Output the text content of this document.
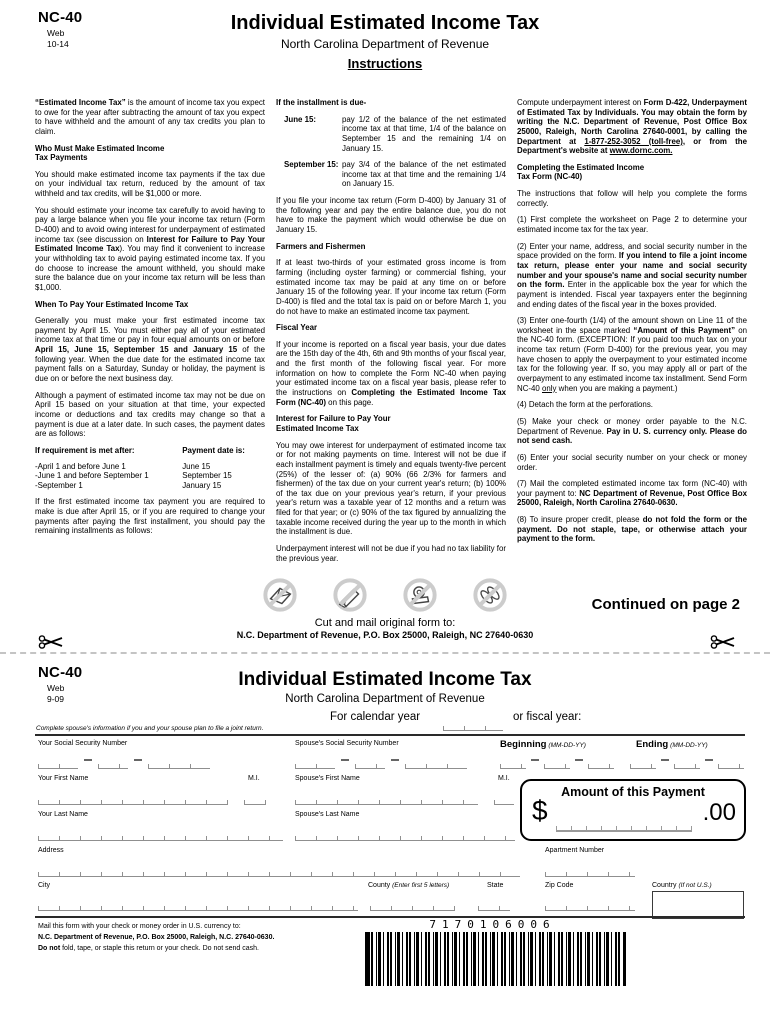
NC-40
Web
10-14
Individual Estimated Income Tax
North Carolina Department of Revenue
Instructions
“Estimated Income Tax” is the amount of income tax you expect to owe for the year after subtracting the amount of tax you expect to have withheld and the amount of any tax credits you plan to claim.
Who Must Make Estimated Income
Tax Payments
You should make estimated income tax payments if the tax due on your individual tax return, reduced by the amount of tax withheld and tax credits, will be $1,000 or more.
You should estimate your income tax carefully to avoid having to pay a large balance when you file your income tax return (Form D-400) and to avoid owing interest for underpayment of estimated income tax (see discussion on Interest for Failure to Pay Your Estimated Income Tax). You may find it convenient to increase your withholding tax to avoid paying estimated income tax. If you do choose to increase the amount withheld, you should make sure the balance due on your income tax return will be less than $1,000.
When To Pay Your Estimated Income Tax
Generally you must make your first estimated income tax payment by April 15. You must either pay all of your estimated income tax at that time or pay in four equal amounts on or before April 15, June 15, September 15 and January 15 of the following year. When the due date for the estimated income tax payment falls on a Saturday, Sunday or holiday, the payment is due on or before the next business day.
Although a payment of estimated income tax may not be due on April 15 based on your situation at that time, your expected income or deductions and tax credits may change so that a payment is due at a later date. In such cases, the payment dates are as follows:
If requirement is met after:	Payment date is:
-April 1 and before June 1	June 15
-June 1 and before September 1	September 15
-September 1	January 15
If the first estimated income tax payment you are required to make is due after April 15, or if you are required to change your payments after paying the first installment, you should pay the remaining installments as follows:
If the installment is due-
June 15:	pay 1/2 of the balance of the net estimated income tax at that time, 1/4 of the balance on September 15 and the remaining 1/4 on January 15.
September 15: pay 3/4 of the balance of the net estimated income tax at that time and the remaining 1/4 on January 15.
If you file your income tax return (Form D-400) by January 31 of the following year and pay the entire balance due, you do not have to make the payment which would otherwise be due on January 15.
Farmers and Fishermen
If at least two-thirds of your estimated gross income is from farming (including oyster farming) or commercial fishing, your estimated income tax may be paid at any time on or before January 15 of the following year. If your income tax return (Form D-400) is filed and the total tax is paid on or before March 1, you do not have to make an estimated income tax payment.
Fiscal Year
If your income is reported on a fiscal year basis, your due dates are the 15th day of the 4th, 6th and 9th months of your fiscal year, and the first month of the following fiscal year. For more information on how to complete the Form NC-40 when paying your estimated income tax on a fiscal year basis, please refer to the instructions on Completing the Estimated Income Tax Form (NC-40) on this page.
Interest for Failure to Pay Your
Estimated Income Tax
You may owe interest for underpayment of estimated income tax or for not making payments on time. Interest will not be due if each installment payment is timely and equals twenty-five percent (25%) of the lesser of: (a) 90% (66 2/3% for farmers and fishermen) of the tax due on your current year's return; (b) 100% of the tax due on your previous year's return, if your previous year's return was a taxable year of 12 months and a return was filed for that year; or (c) 90% of the tax figured by annualizing the taxable income received during the year up to the month in which the installment is due.
Underpayment interest will not be due if you had no tax liability for the previous year.
Compute underpayment interest on Form D-422, Underpayment of Estimated Tax by Individuals. You may obtain the form by writing the N.C. Department of Revenue, Post Office Box 25000, Raleigh, North Carolina 27640-0001, by calling the Department at 1-877-252-3052 (toll-free), or from the Department's website at www.dornc.com.
Completing the Estimated Income
Tax Form (NC-40)
The instructions that follow will help you complete the forms correctly.
(1) First complete the worksheet on Page 2 to determine your estimated income tax for the tax year.
(2) Enter your name, address, and social security number in the space provided on the form. If you intend to file a joint income tax return, please enter your name and social security number and your spouse's name and social security number on the form. Enter in the applicable box the year for which the payment is intended. Fiscal year taxpayers enter the beginning and ending dates of the fiscal year in the boxes provided.
(3) Enter one-fourth (1/4) of the amount shown on Line 11 of the worksheet in the space marked “Amount of this Payment” on the NC-40 form. (EXCEPTION: If you paid too much tax on your income tax return (Form D-400) for the previous year, you may have chosen to apply the overpayment to your estimated income tax for the following year. If so, you may apply all or part of the overpayment to any estimated income tax installment. Send Form NC-40 only when you are making a payment.)
(4) Detach the form at the perforations.
(5) Make your check or money order payable to the N.C. Department of Revenue. Pay in U. S. currency only. Please do not send cash.
(6) Enter your social security number on your check or money order.
(7) Mail the completed estimated income tax form (NC-40) with your payment to: NC Department of Revenue, Post Office Box 25000, Raleigh, North Carolina 27640-0630.
(8) To insure proper credit, please do not fold the form or the payment. Do not staple, tape, or otherwise attach your payment to the form.
Continued on page 2
Cut and mail original form to:
N.C. Department of Revenue, P.O. Box 25000, Raleigh, NC 27640-0630
NC-40
Web
9-09
Individual Estimated Income Tax
North Carolina Department of Revenue
For calendar year	or fiscal year:
Complete spouse's information if you and your spouse plan to file a joint return.
Your Social Security Number	Spouse's Social Security Number	Beginning (MM-DD-YY)	Ending (MM-DD-YY)
Your First Name	M.I.	Spouse's First Name	M.I.
Amount of this Payment
$	.00
Your Last Name	Spouse's Last Name
Address	Apartment Number
City	County (Enter first 5 letters)	State	Zip Code	Country (If not U.S.)
Mail this form with your check or money order in U.S. currency to:
N.C. Department of Revenue, P.O. Box 25000, Raleigh, N.C. 27640-0630.
Do not fold, tape, or staple this return or your check. Do not send cash.
7170106006
